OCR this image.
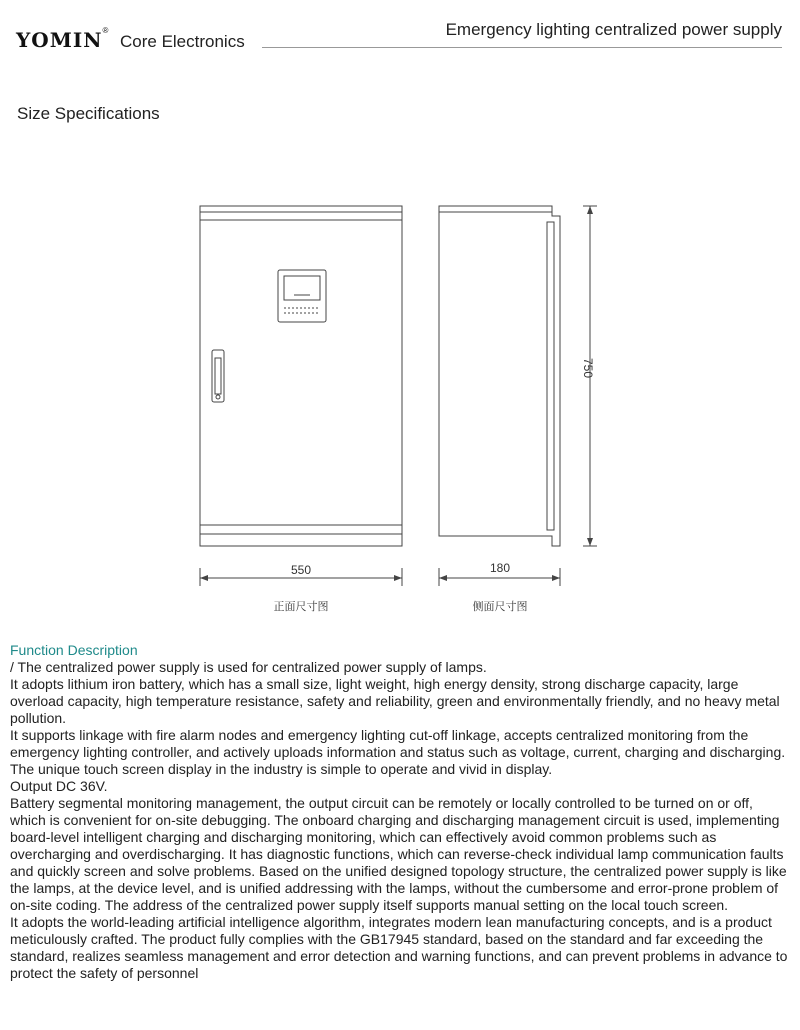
YOMIN®
Core Electronics
Emergency lighting centralized power supply
Size Specifications
750
550	180
正面尺寸图	侧面尺寸图
Function Description

/ The centralized power supply is used for centralized power supply of lamps.

It adopts lithium iron battery, which has a small size, light weight, high energy density, strong discharge capacity, large overload capacity, high temperature resistance, safety and reliability, green and environmentally friendly, and no heavy metal pollution.

It supports linkage with fire alarm nodes and emergency lighting cut-off linkage, accepts centralized monitoring from the emergency lighting controller, and actively uploads information and status such as voltage, current, charging and discharging.

The unique touch screen display in the industry is simple to operate and vivid in display.

Output DC 36V.

Battery segmental monitoring management, the output circuit can be remotely or locally controlled to be turned on or off, which is convenient for on-site debugging. The onboard charging and discharging management circuit is used, implementing board-level intelligent charging and discharging monitoring, which can effectively avoid common problems such as overcharging and overdischarging. It has diagnostic functions, which can reverse-check individual lamp communication faults and quickly screen and solve problems. Based on the unified designed topology structure, the centralized power supply is like the lamps, at the device level, and is unified addressing with the lamps, without the cumbersome and error-prone problem of on-site coding. The address of the centralized power supply itself supports manual setting on the local touch screen.

It adopts the world-leading artificial intelligence algorithm, integrates modern lean manufacturing concepts, and is a product meticulously crafted. The product fully complies with the GB17945 standard, based on the standard and far exceeding the standard, realizes seamless management and error detection and warning functions, and can prevent problems in advance to protect the safety of personnel
